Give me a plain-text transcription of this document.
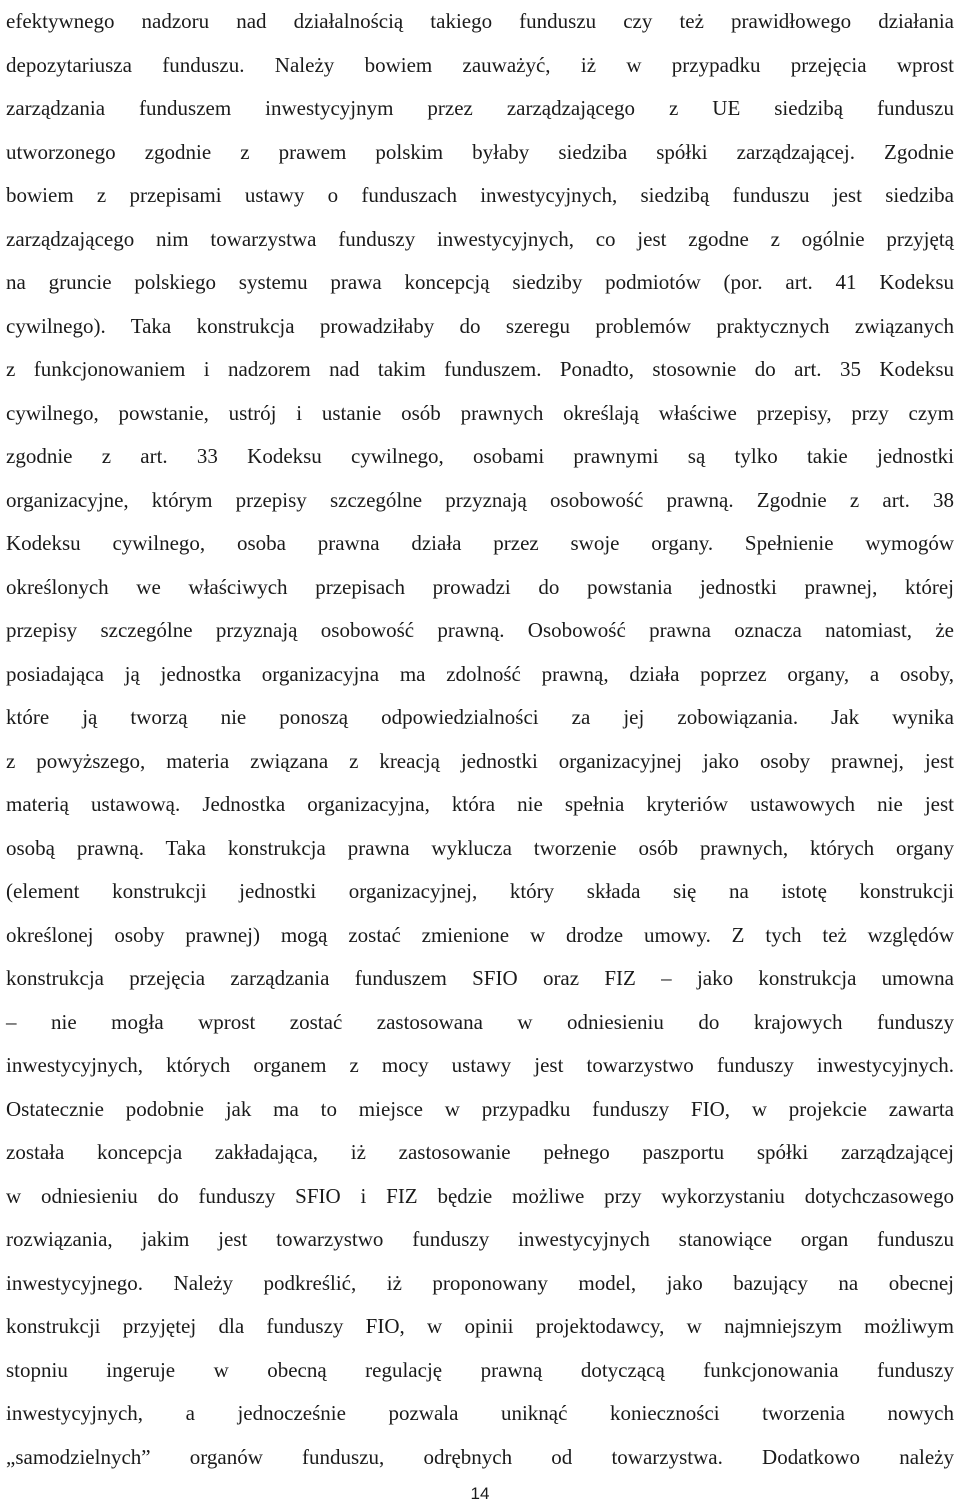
efektywnego nadzoru nad działalnością takiego funduszu czy też prawidłowego działania
depozytariusza funduszu. Należy bowiem zauważyć, iż w przypadku przejęcia wprost
zarządzania funduszem inwestycyjnym przez zarządzającego z UE siedzibą funduszu
utworzonego zgodnie z prawem polskim byłaby siedziba spółki zarządzającej. Zgodnie
bowiem z przepisami ustawy o funduszach inwestycyjnych, siedzibą funduszu jest siedziba
zarządzającego nim towarzystwa funduszy inwestycyjnych, co jest zgodne z ogólnie przyjętą
na gruncie polskiego systemu prawa koncepcją siedziby podmiotów (por. art. 41 Kodeksu
cywilnego). Taka konstrukcja prowadziłaby do szeregu problemów praktycznych związanych
z funkcjonowaniem i nadzorem nad takim funduszem. Ponadto, stosownie do art. 35 Kodeksu
cywilnego, powstanie, ustrój i ustanie osób prawnych określają właściwe przepisy, przy czym
zgodnie z art. 33 Kodeksu cywilnego, osobami prawnymi są tylko takie jednostki
organizacyjne, którym przepisy szczególne przyznają osobowość prawną. Zgodnie z art. 38
Kodeksu cywilnego, osoba prawna działa przez swoje organy. Spełnienie wymogów
określonych we właściwych przepisach prowadzi do powstania jednostki prawnej, której
przepisy szczególne przyznają osobowość prawną. Osobowość prawna oznacza natomiast, że
posiadająca ją jednostka organizacyjna ma zdolność prawną, działa poprzez organy, a osoby,
które ją tworzą nie ponoszą odpowiedzialności za jej zobowiązania. Jak wynika
z powyższego, materia związana z kreacją jednostki organizacyjnej jako osoby prawnej, jest
materią ustawową. Jednostka organizacyjna, która nie spełnia kryteriów ustawowych nie jest
osobą prawną. Taka konstrukcja prawna wyklucza tworzenie osób prawnych, których organy
(element konstrukcji jednostki organizacyjnej, który składa się na istotę konstrukcji
określonej osoby prawnej) mogą zostać zmienione w drodze umowy. Z tych też względów
konstrukcja przejęcia zarządzania funduszem SFIO oraz FIZ – jako konstrukcja umowna
– nie mogła wprost zostać zastosowana w odniesieniu do krajowych funduszy
inwestycyjnych, których organem z mocy ustawy jest towarzystwo funduszy inwestycyjnych.
Ostatecznie podobnie jak ma to miejsce w przypadku funduszy FIO, w projekcie zawarta
została koncepcja zakładająca, iż zastosowanie pełnego paszportu spółki zarządzającej
w odniesieniu do funduszy SFIO i FIZ będzie możliwe przy wykorzystaniu dotychczasowego
rozwiązania, jakim jest towarzystwo funduszy inwestycyjnych stanowiące organ funduszu
inwestycyjnego. Należy podkreślić, iż proponowany model, jako bazujący na obecnej
konstrukcji przyjętej dla funduszy FIO, w opinii projektodawcy, w najmniejszym możliwym
stopniu ingeruje w obecną regulację prawną dotyczącą funkcjonowania funduszy
inwestycyjnych, a jednocześnie pozwala uniknąć konieczności tworzenia nowych
„samodzielnych” organów funduszu, odrębnych od towarzystwa. Dodatkowo należy
14
